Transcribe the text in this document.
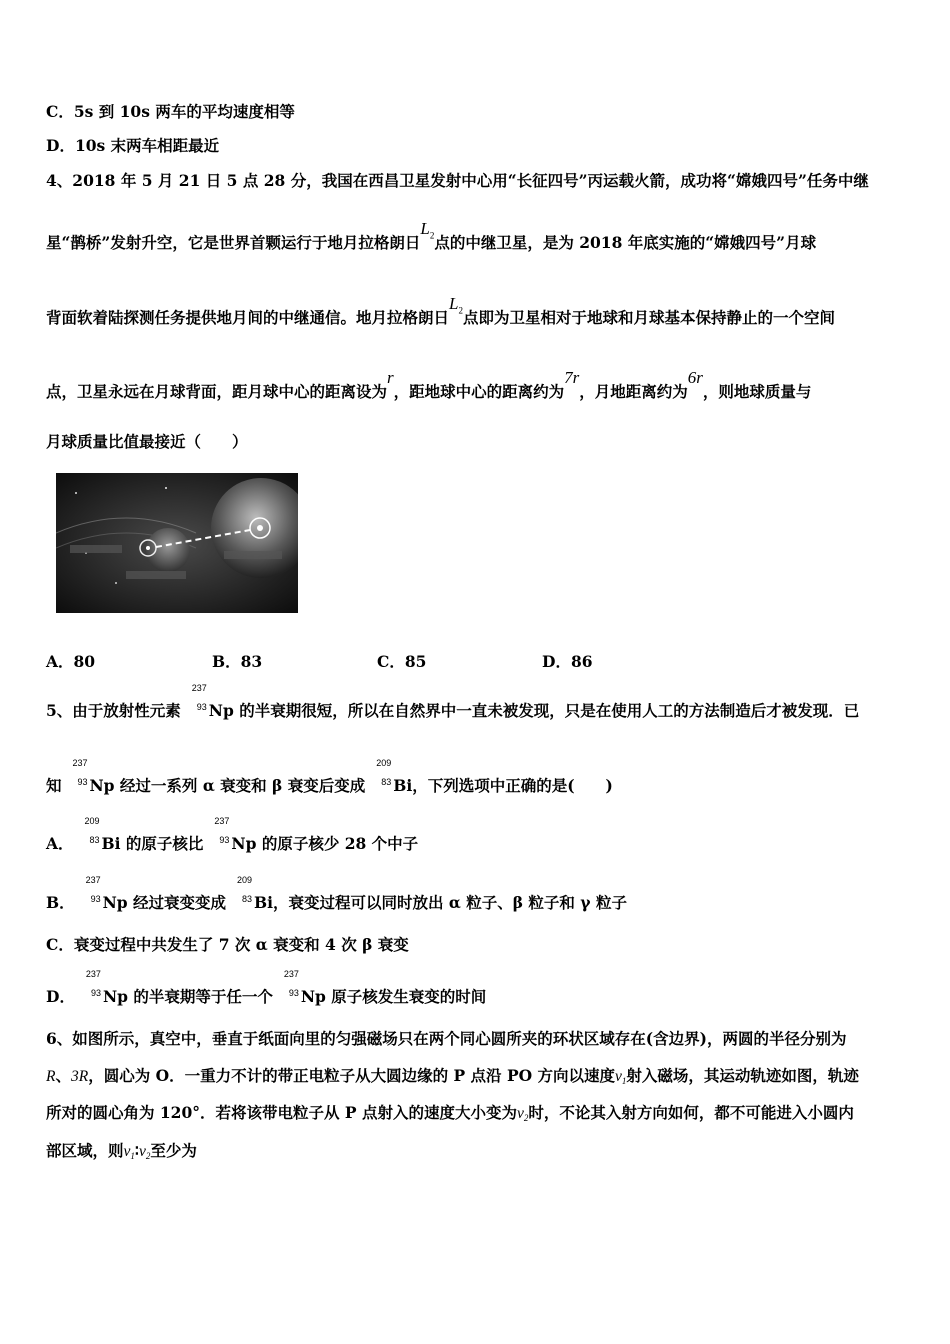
C．5s 到 10s 两车的平均速度相等
D．10s 末两车相距最近
4、2018 年 5 月 21 日 5 点 28 分，我国在西昌卫星发射中心用“长征四号”丙运载火箭，成功将“嫦娥四号”任务中继
星“鹊桥”发射升空，它是世界首颗运行于地月拉格朗日$L_2$点的中继卫星，是为 2018 年底实施的“嫦娥四号”月球
背面软着陆探测任务提供地月间的中继通信。地月拉格朗日$L_2$点即为卫星相对于地球和月球基本保持静止的一个空间
点，卫星永远在月球背面，距月球中心的距离设为r，距地球中心的距离约为7r，月地距离约为6r，则地球质量与
月球质量比值最接近（　　）
A．80	B．83	C．85	D．86
5、由于放射性元素
237
93 Np 的半衰期很短，所以在自然界中一直未被发现，只是在使用人工的方法制造后才被发现．已
知
237
93 Np 经过一系列 α 衰变和 β 衰变后变成
209
83 Bi，下列选项中正确的是(　　)
A．
209
83 Bi 的原子核比
237
93 Np 的原子核少 28 个中子
B．
237
93 Np 经过衰变变成
209
83 Bi，衰变过程可以同时放出 α 粒子、β 粒子和 γ 粒子
C．衰变过程中共发生了 7 次 α 衰变和 4 次 β 衰变
D．
237
93 Np 的半衰期等于任一个
237
93 Np 原子核发生衰变的时间
6、如图所示，真空中，垂直于纸面向里的匀强磁场只在两个同心圆所夹的环状区域存在(含边界)，两圆的半径分别为
R、3R，圆心为 O．一重力不计的带正电粒子从大圆边缘的 P 点沿 PO 方向以速度v1射入磁场，其运动轨迹如图，轨迹
所对的圆心角为 120°．若将该带电粒子从 P 点射入的速度大小变为v2时，不论其入射方向如何，都不可能进入小圆内
部区域，则v1∶v2至少为
